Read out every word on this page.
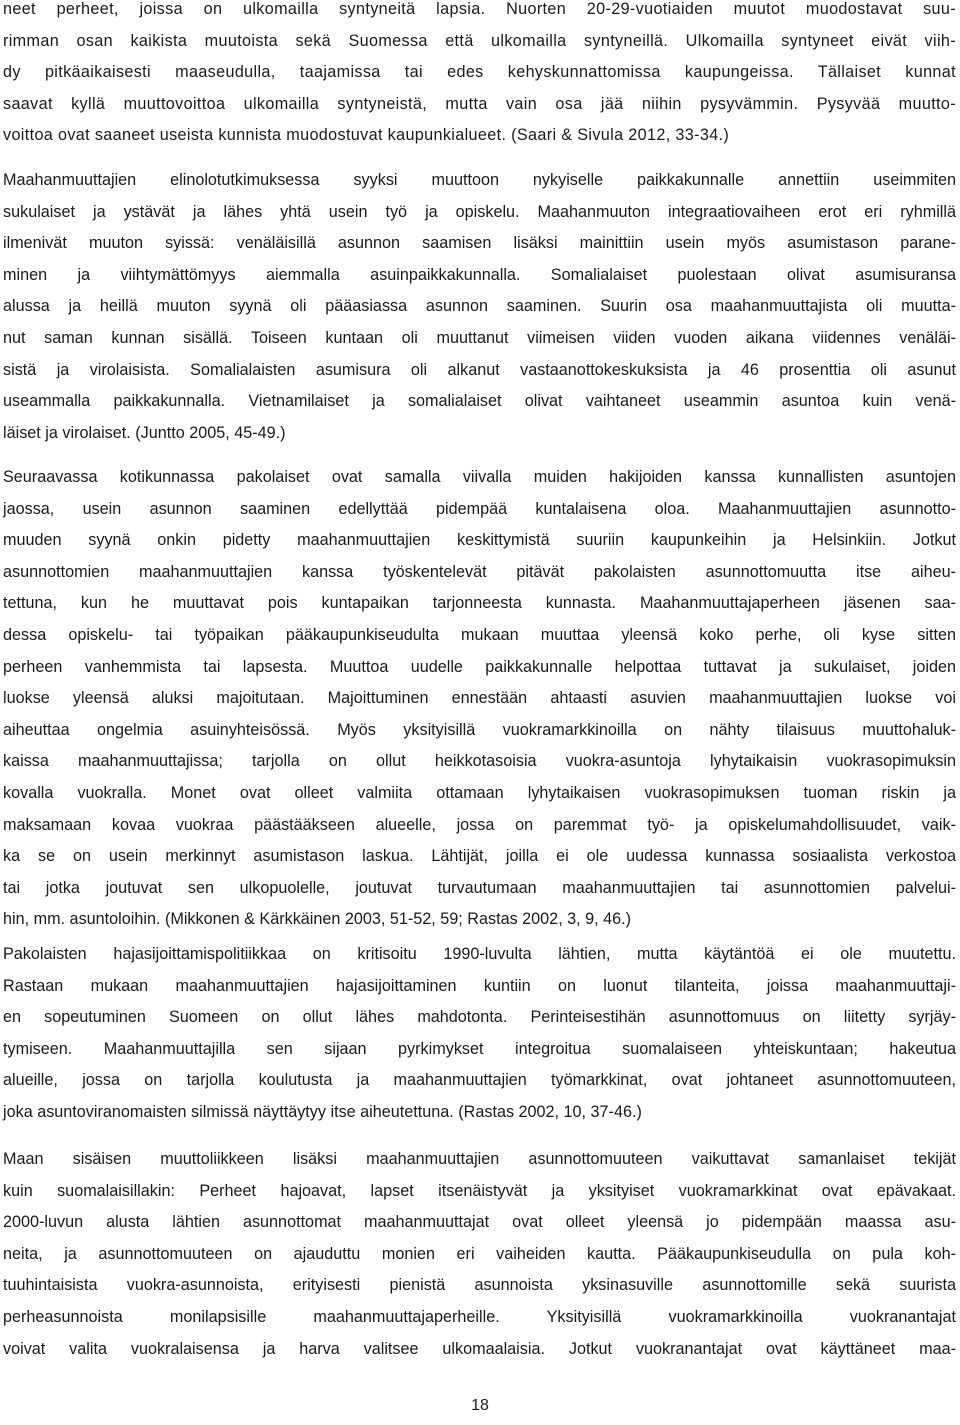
neet perheet, joissa on ulkomailla syntyneitä lapsia. Nuorten 20-29-vuotiaiden muutot muodostavat suu-
rimman osan kaikista muutoista sekä Suomessa että ulkomailla syntyneillä. Ulkomailla syntyneet eivät viih-
dy pitkäaikaisesti maaseudulla, taajamissa tai edes kehyskunnattomissa kaupungeissa. Tällaiset kunnat
saavat kyllä muuttovoittoa ulkomailla syntyneistä, mutta vain osa jää niihin pysyvämmin. Pysyvää muutto-
voittoa ovat saaneet useista kunnista muodostuvat kaupunkialueet. (Saari & Sivula 2012, 33-34.)
Maahanmuuttajien elinolotutkimuksessa syyksi muuttoon nykyiselle paikkakunnalle annettiin useimmiten
sukulaiset ja ystävät ja lähes yhtä usein työ ja opiskelu. Maahanmuuton integraatiovaiheen erot eri ryhmillä
ilmenivät muuton syissä: venäläisillä asunnon saamisen lisäksi mainittiin usein myös asumistason parane-
minen ja viihtymättömyys aiemmalla asuinpaikkakunnalla. Somalialaiset puolestaan olivat asumisuransa
alussa ja heillä muuton syynä oli pääasiassa asunnon saaminen. Suurin osa maahanmuuttajista oli muutta-
nut saman kunnan sisällä. Toiseen kuntaan oli muuttanut viimeisen viiden vuoden aikana viidennes venäläi-
sistä ja virolaisista. Somalialaisten asumisura oli alkanut vastaanottokeskuksista ja 46 prosenttia oli asunut
useammalla paikkakunnalla. Vietnamilaiset ja somalialaiset olivat vaihtaneet useammin asuntoa kuin venä-
läiset ja virolaiset. (Juntto 2005, 45-49.)
Seuraavassa kotikunnassa pakolaiset ovat samalla viivalla muiden hakijoiden kanssa kunnallisten asuntojen
jaossa, usein asunnon saaminen edellyttää pidempää kuntalaisena oloa. Maahanmuuttajien asunnotto-
muuden syynä onkin pidetty maahanmuuttajien keskittymistä suuriin kaupunkeihin ja Helsinkiin. Jotkut
asunnottomien maahanmuuttajien kanssa työskentelevät pitävät pakolaisten asunnottomuutta itse aiheu-
tettuna, kun he muuttavat pois kuntapaikan tarjonneesta kunnasta. Maahanmuuttajaperheen jäsenen saa-
dessa opiskelu- tai työpaikan pääkaupunkiseudulta mukaan muuttaa yleensä koko perhe, oli kyse sitten
perheen vanhemmista tai lapsesta. Muuttoa uudelle paikkakunnalle helpottaa tuttavat ja sukulaiset, joiden
luokse yleensä aluksi majoitutaan. Majoittuminen ennestään ahtaasti asuvien maahanmuuttajien luokse voi
aiheuttaa ongelmia asuinyhteisössä. Myös yksityisillä vuokramarkkinoilla on nähty tilaisuus muuttohaluk-
kaissa maahanmuuttajissa; tarjolla on ollut heikkotasoisia vuokra-asuntoja lyhytaikaisin vuokrasopimuksin
kovalla vuokralla. Monet ovat olleet valmiita ottamaan lyhytaikaisen vuokrasopimuksen tuoman riskin ja
maksamaan kovaa vuokraa päästääkseen alueelle, jossa on paremmat työ- ja opiskelumahdollisuudet, vaik-
ka se on usein merkinnyt asumistason laskua. Lähtijät, joilla ei ole uudessa kunnassa sosiaalista verkostoa
tai jotka joutuvat sen ulkopuolelle, joutuvat turvautumaan maahanmuuttajien tai asunnottomien palvelui-
hin, mm. asuntoloihin. (Mikkonen & Kärkkäinen 2003, 51-52, 59; Rastas 2002, 3, 9, 46.)
Pakolaisten hajasijoittamispolitiikkaa on kritisoitu 1990-luvulta lähtien, mutta käytäntöä ei ole muutettu.
Rastaan mukaan maahanmuuttajien hajasijoittaminen kuntiin on luonut tilanteita, joissa maahanmuuttaji-
en sopeutuminen Suomeen on ollut lähes mahdotonta. Perinteisestihän asunnottomuus on liitetty syrjäy-
tymiseen. Maahanmuuttajilla sen sijaan pyrkimykset integroitua suomalaiseen yhteiskuntaan; hakeutua
alueille, jossa on tarjolla koulutusta ja maahanmuuttajien työmarkkinat, ovat johtaneet asunnottomuuteen,
joka asuntoviranomaisten silmissä näyttäytyy itse aiheutettuna. (Rastas 2002, 10, 37-46.)
Maan sisäisen muuttoliikkeen lisäksi maahanmuuttajien asunnottomuuteen vaikuttavat samanlaiset tekijät
kuin suomalaisillakin: Perheet hajoavat, lapset itsenäistyvät ja yksityiset vuokramarkkinat ovat epävakaat.
2000-luvun alusta lähtien asunnottomat maahanmuuttajat ovat olleet yleensä jo pidempään maassa asu-
neita, ja asunnottomuuteen on ajauduttu monien eri vaiheiden kautta. Pääkaupunkiseudulla on pula koh-
tuuhintaisista vuokra-asunnoista, erityisesti pienistä asunnoista yksinasuville asunnottomille sekä suurista
perheasunnoista monilapsisille maahanmuuttajaperheille. Yksityisillä vuokramarkkinoilla vuokranantajat
voivat valita vuokralaisensa ja harva valitsee ulkomaalaisia. Jotkut vuokranantajat ovat käyttäneet maa-
18
